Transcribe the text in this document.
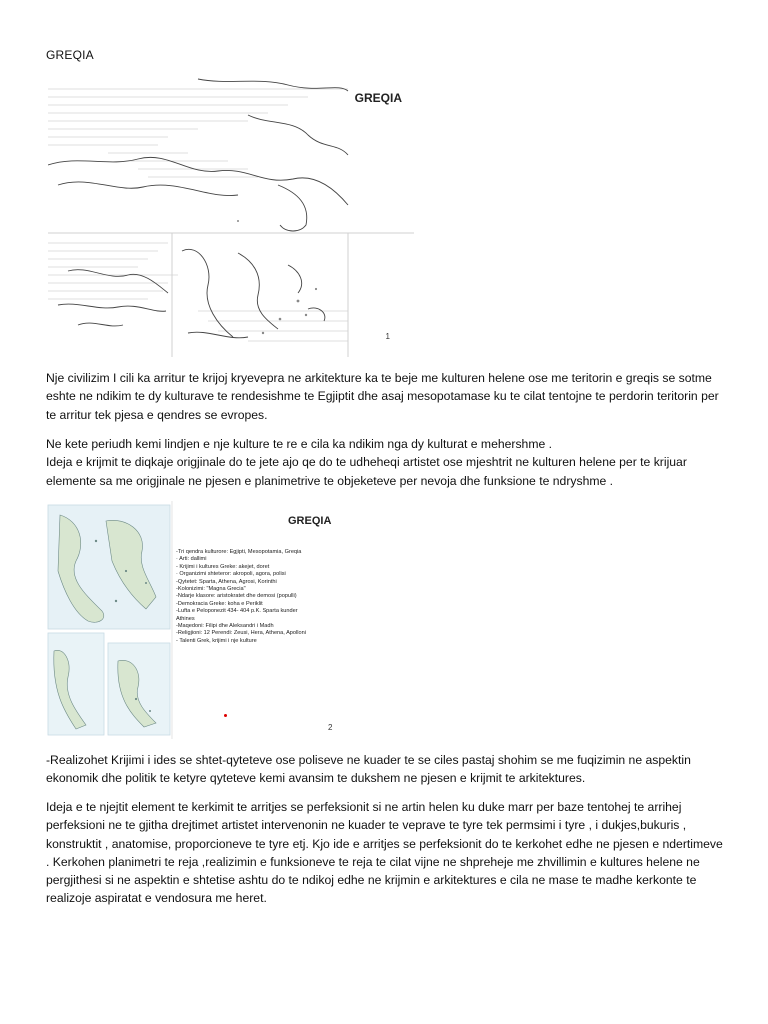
GREQIA
GREQIA
1

Nje civilizim I cili ka arritur te krijoj kryevepra ne arkitekture ka te beje me kulturen helene ose me teritorin e greqis se sotme eshte ne ndikim te dy kulturave te rendesishme te Egjiptit dhe asaj mesopotamase ku te cilat tentojne te perdorin teritorin per te arritur tek pjesa e qendres se evropes.

Ne kete periudh kemi lindjen e nje kulture te re e cila ka ndikim nga dy kulturat e mehershme .

Ideja e krijmit te diqkaje origjinale do te jete ajo qe do te udheheqi artistet ose mjeshtrit ne kulturen helene per te krijuar elemente sa me origjinale ne pjesen e planimetrive te objeketeve per nevoja dhe funksione te ndryshme .

GREQIA
-Tri qendra kulturore: Egjipti, Mesopotamia, Greqia
· Arti: dallimi
- Krijimi i kultures Greke: akejet, doret
· Organizimi shteteror: akropoli, agora, polisi
-Qytetet: Sparta, Athena, Agrosi, Korinthi
-Kolonizimi: "Magna Grecia"
-Ndarje klasore: aristokratet dhe demosi (populli)
-Demokracia Greke: koha e Periklit
-Lufta e Peloponezit 434- 404 p.K. Sparta kunder
Athines
-Maqedoni: Filipi dhe Aleksandri i Madh
-Religjioni: 12 Perendi: Zeusi, Hera, Athena, Apolloni
- Talenti Grek, krijimi i nje kulture
2

-Realizohet Krijimi i ides se shtet-qyteteve ose poliseve ne kuader te se ciles pastaj shohim se me fuqizimin ne aspektin ekonomik dhe politik te ketyre qyteteve kemi avansim te dukshem ne pjesen e krijmit te arkitektures.

Ideja e te njejtit element te kerkimit te arritjes se perfeksionit si ne artin helen ku duke marr per baze tentohej te arrihej perfeksioni ne te gjitha drejtimet artistet intervenonin ne kuader te veprave te tyre tek permsimi i tyre , i dukjes,bukuris , konstruktit , anatomise, proporcioneve te tyre etj. Kjo ide e arritjes se perfeksionit do te kerkohet edhe ne pjesen e ndertimeve . Kerkohen planimetri te reja ,realizimin e funksioneve te reja te cilat vijne ne shpreheje me zhvillimin e kultures helene ne pergjithesi si ne aspektin e shtetise ashtu do te ndikoj edhe ne krijmin e arkitektures e cila ne mase te madhe kerkonte te realizoje aspiratat e vendosura me heret.
